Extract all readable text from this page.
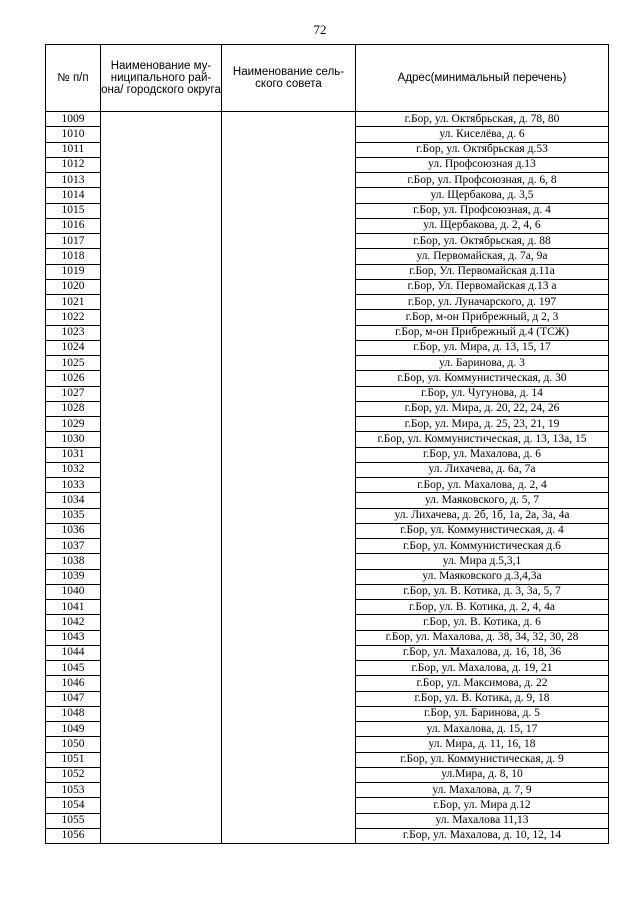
72
№ п/п	Наименование му-ниципального рай-она/ городского округа	Наименование сель-ского совета	Адрес(минимальный перечень)
1009			г.Бор, ул. Октябрьская, д. 78, 80
1010			ул. Киселёва, д. 6
1011			г.Бор, ул. Октябрьская д.53
1012			ул. Профсоюзная д.13
1013			г.Бор, ул. Профсоюзная, д. 6, 8
1014			ул. Щербакова, д. 3,5
1015			г.Бор, ул. Профсоюзная, д. 4
1016			ул. Щербакова, д. 2, 4, 6
1017			г.Бор, ул. Октябрьская, д. 88
1018			ул. Первомайская, д. 7а, 9а
1019			г.Бор, Ул. Первомайская д.11а
1020			г.Бор, Ул. Первомайская д.13 а
1021			г.Бор, ул. Луначарского, д. 197
1022			г.Бор, м-он Прибрежный, д 2, 3
1023			г.Бор, м-он Прибрежный д.4 (ТСЖ)
1024			г.Бор, ул. Мира, д. 13, 15, 17
1025			ул. Баринова, д. 3
1026			г.Бор, ул. Коммунистическая, д. 30
1027			г.Бор, ул. Чугунова, д. 14
1028			г.Бор, ул. Мира, д. 20, 22, 24, 26
1029			г.Бор, ул. Мира, д. 25, 23, 21, 19
1030			г.Бор, ул. Коммунистическая, д. 13, 13а, 15
1031			г.Бор, ул. Махалова, д. 6
1032			ул. Лихачева, д. 6а, 7а
1033			г.Бор, ул. Махалова, д. 2, 4
1034			ул. Маяковского, д. 5, 7
1035			ул. Лихачева, д. 2б, 1б, 1а, 2а, 3а, 4а
1036			г.Бор, ул. Коммунистическая, д. 4
1037			г.Бор, ул. Коммунистическая д.6
1038			ул. Мира д.5,3,1
1039			ул. Маяковского д.3,4,3а
1040			г.Бор, ул. В. Котика, д. 3, 3а, 5, 7
1041			г.Бор, ул. В. Котика, д. 2, 4, 4а
1042			г.Бор, ул. В. Котика, д. 6
1043			г.Бор, ул. Махалова, д. 38, 34, 32, 30, 28
1044			г.Бор, ул. Махалова, д. 16, 18, 36
1045			г.Бор, ул. Махалова, д. 19, 21
1046			г.Бор, ул. Максимова, д. 22
1047			г.Бор, ул. В. Котика, д. 9, 18
1048			г.Бор, ул. Баринова, д. 5
1049			ул. Махалова, д. 15, 17
1050			ул. Мира, д. 11, 16, 18
1051			г.Бор, ул. Коммунистическая, д. 9
1052			ул.Мира, д. 8, 10
1053			ул. Махалова, д. 7, 9
1054			г.Бор, ул. Мира д.12
1055			ул. Махалова 11,13
1056			г.Бор, ул. Махалова, д. 10, 12, 14
